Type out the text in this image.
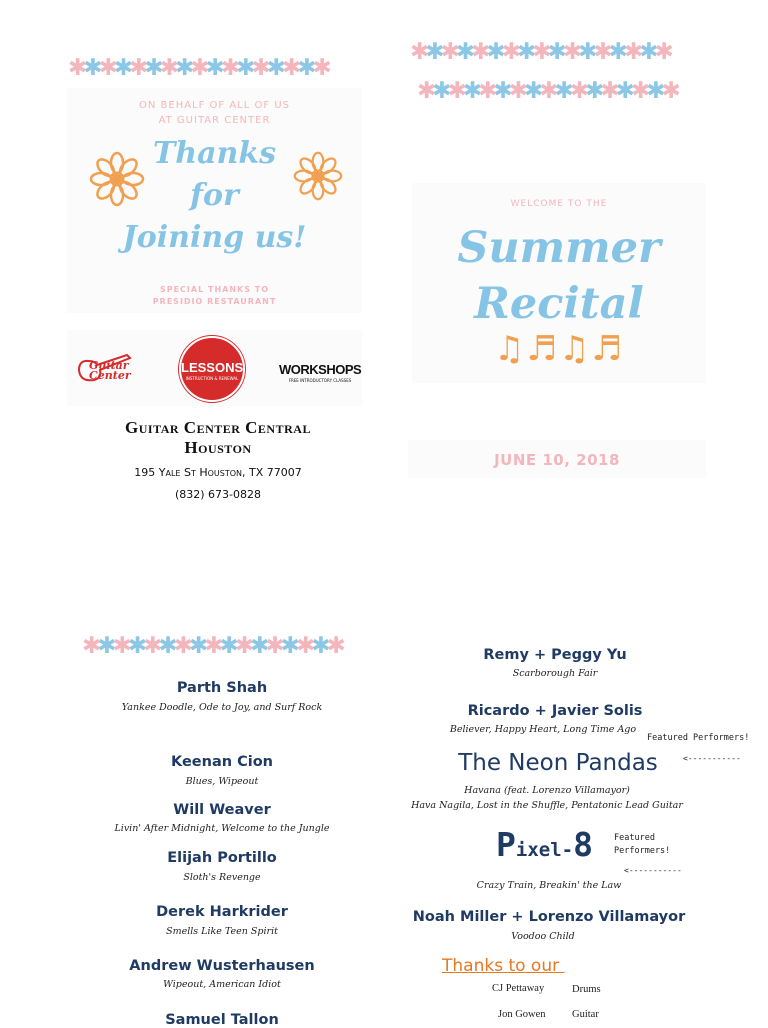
✱✱✱✱✱✱✱✱✱✱✱✱✱✱✱✱✱
ON BEHALF OF ALL OF US
AT GUITAR CENTER
Thanks
for
Joining us!
SPECIAL THANKS TO
PRESIDIO RESTAURANT
Guitar Center
LESSONS
INSTRUCTION & RENEWAL
WORKSHOPS
FREE INTRODUCTORY CLASSES
Guitar Center Central
Houston
195 Yale St Houston, TX 77007
(832) 673-0828
✱✱✱✱✱✱✱✱✱✱✱✱✱✱✱✱✱
✱✱✱✱✱✱✱✱✱✱✱✱✱✱✱✱✱
WELCOME TO THE
Summer
Recital
♫♬♫♬
JUNE 10, 2018
✱✱✱✱✱✱✱✱✱✱✱✱✱✱✱✱✱
Parth Shah
Yankee Doodle, Ode to Joy, and Surf Rock
Keenan Cion
Blues, Wipeout
Will Weaver
Livin' After Midnight, Welcome to the Jungle
Elijah Portillo
Sloth's Revenge
Derek Harkrider
Smells Like Teen Spirit
Andrew Wusterhausen
Wipeout, American Idiot
Samuel Tallon
Remy + Peggy Yu
Scarborough Fair
Ricardo + Javier Solis
Believer, Happy Heart, Long Time Ago
The Neon Pandas
Havana (feat. Lorenzo Villamayor)
Hava Nagila, Lost in the Shuffle, Pentatonic Lead Guitar
Pixel-8
Crazy Train, Breakin' the Law
Noah Miller + Lorenzo Villamayor
Voodoo Child
Thanks to our
CJ Pettaway	Drums
Jon Gowen	Guitar
Featured Performers!
<-----------
Featured
Performers!
<-----------
